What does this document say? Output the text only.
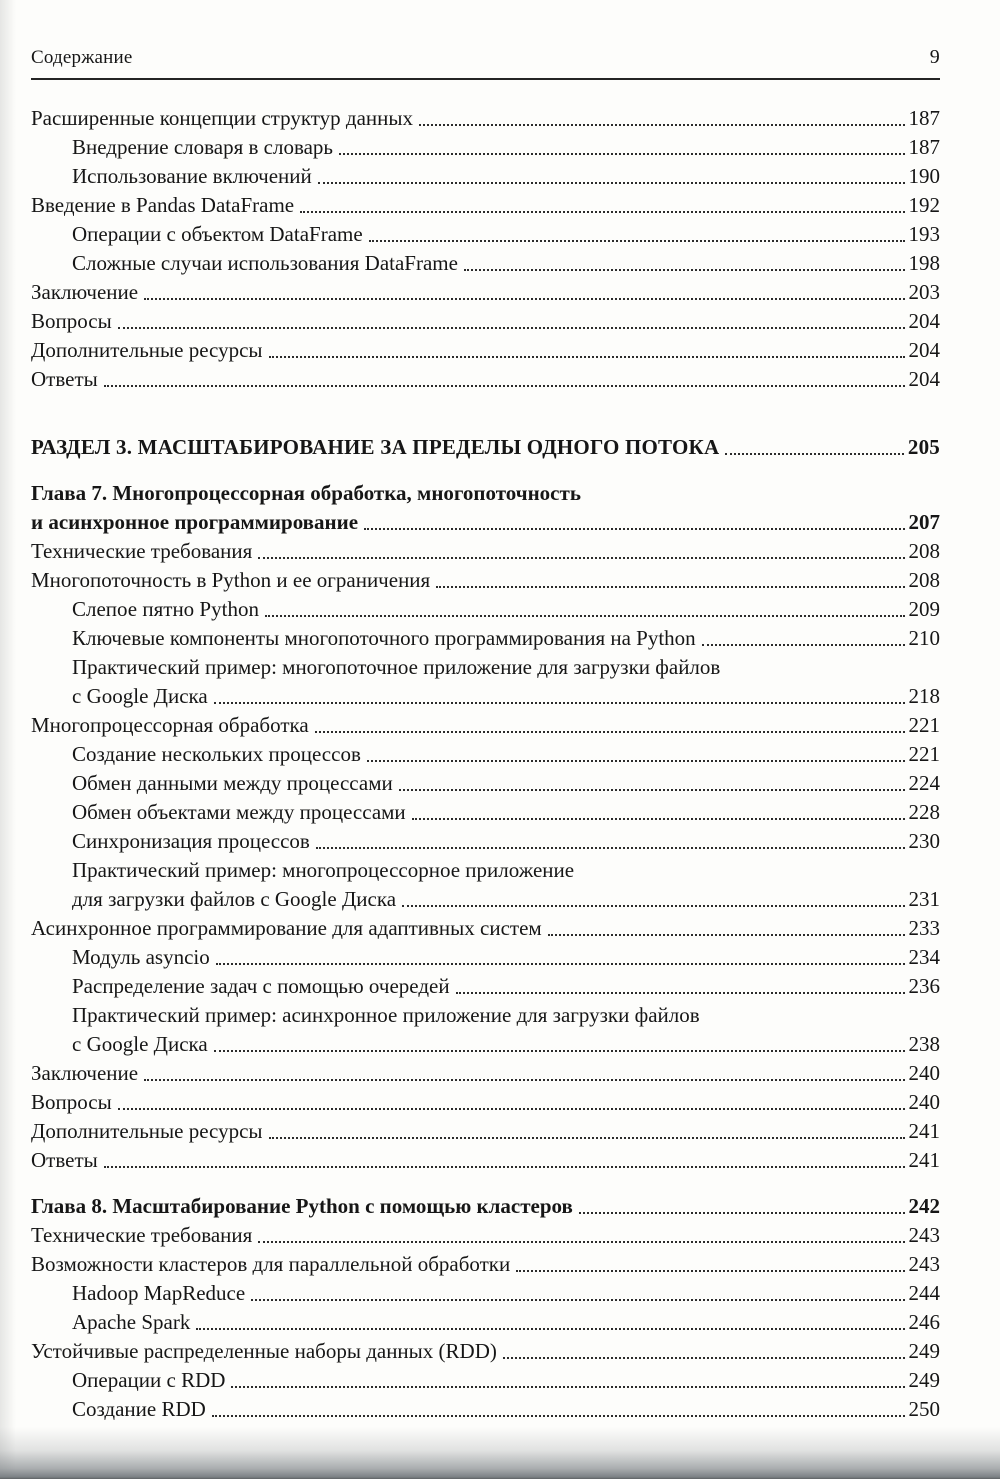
Содержание	9
Расширенные концепции структур данных	187
Внедрение словаря в словарь	187
Использование включений	190
Введение в Pandas DataFrame	192
Операции с объектом DataFrame	193
Сложные случаи использования DataFrame	198
Заключение	203
Вопросы	204
Дополнительные ресурсы	204
Ответы	204
РАЗДЕЛ 3. МАСШТАБИРОВАНИЕ ЗА ПРЕДЕЛЫ ОДНОГО ПОТОКА	205
Глава 7. Многопроцессорная обработка, многопоточность
и асинхронное программирование	207
Технические требования	208
Многопоточность в Python и ее ограничения	208
Слепое пятно Python	209
Ключевые компоненты многопоточного программирования на Python	210
Практический пример: многопоточное приложение для загрузки файлов
с Google Диска	218
Многопроцессорная обработка	221
Создание нескольких процессов	221
Обмен данными между процессами	224
Обмен объектами между процессами	228
Синхронизация процессов	230
Практический пример: многопроцессорное приложение
для загрузки файлов с Google Диска	231
Асинхронное программирование для адаптивных систем	233
Модуль asyncio	234
Распределение задач с помощью очередей	236
Практический пример: асинхронное приложение для загрузки файлов
с Google Диска	238
Заключение	240
Вопросы	240
Дополнительные ресурсы	241
Ответы	241
Глава 8. Масштабирование Python с помощью кластеров	242
Технические требования	243
Возможности кластеров для параллельной обработки	243
Hadoop MapReduce	244
Apache Spark	246
Устойчивые распределенные наборы данных (RDD)	249
Операции с RDD	249
Создание RDD	250
